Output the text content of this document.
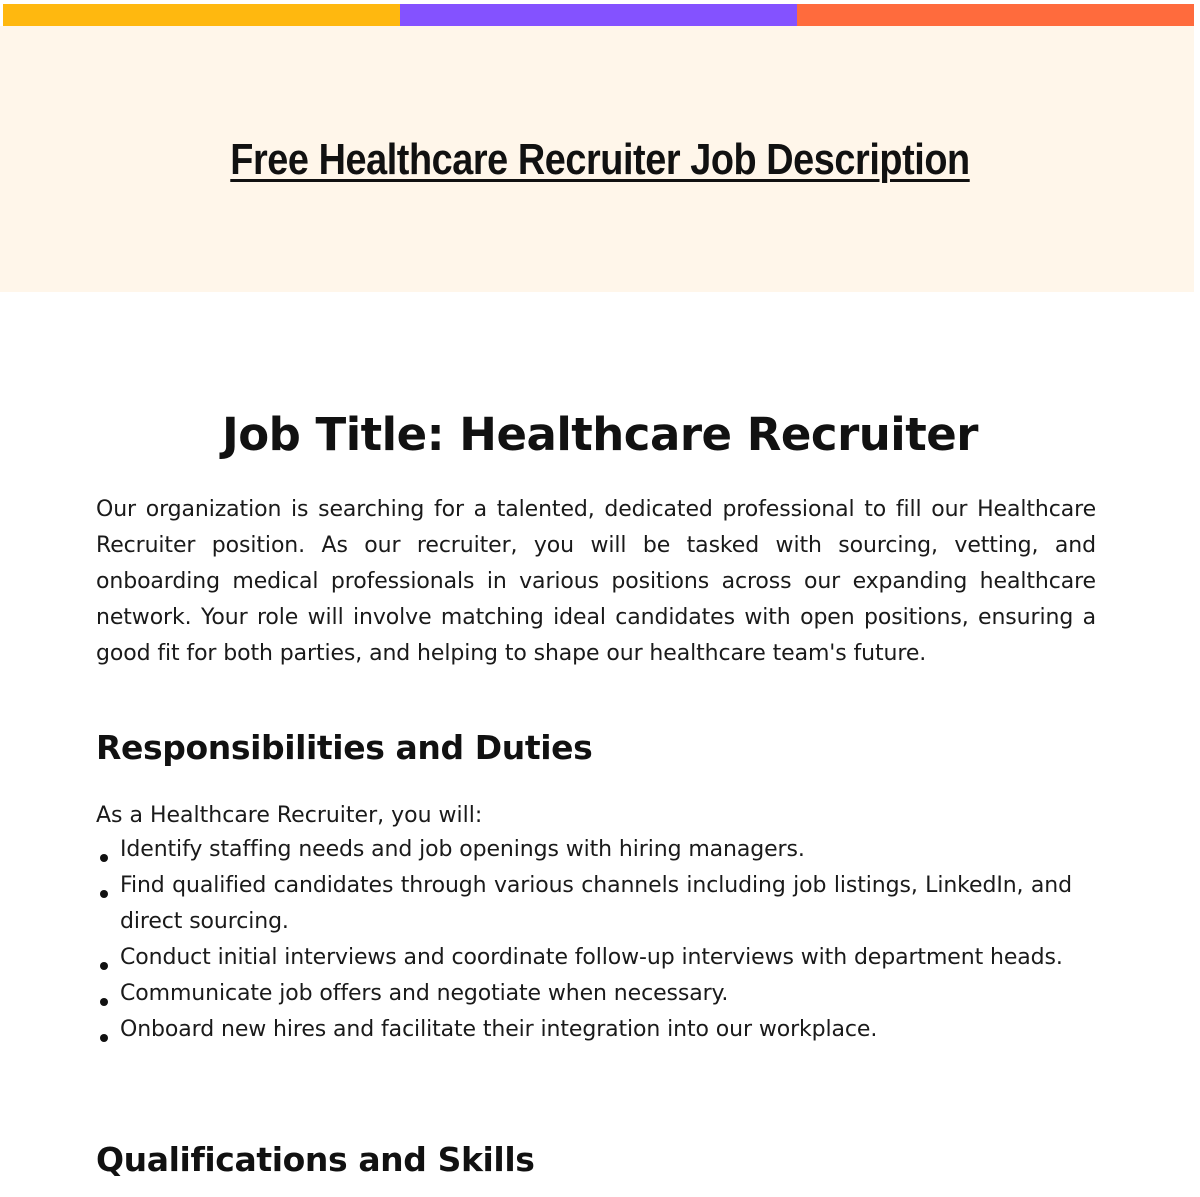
Free Healthcare Recruiter Job Description
Job Title: Healthcare Recruiter

Our organization is searching for a talented, dedicated professional to fill our Healthcare Recruiter position. As our recruiter, you will be tasked with sourcing, vetting, and onboarding medical professionals in various positions across our expanding healthcare network. Your role will involve matching ideal candidates with open positions, ensuring a good fit for both parties, and helping to shape our healthcare team's future.

Responsibilities and Duties

As a Healthcare Recruiter, you will:

Identify staffing needs and job openings with hiring managers.
Find qualified candidates through various channels including job listings, LinkedIn, and direct sourcing.
Conduct initial interviews and coordinate follow-up interviews with department heads.
Communicate job offers and negotiate when necessary.
Onboard new hires and facilitate their integration into our workplace.
Qualifications and Skills
